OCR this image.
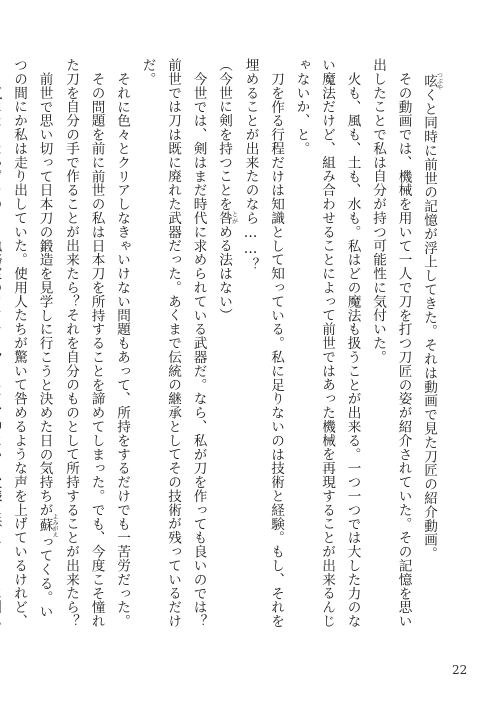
呟つぶやくと同時に前世の記憶が浮上してきた。それは動画で見た刀匠の紹介動画。

その動画では、機械を用いて一人で刀を打つ刀匠の姿が紹介されていた。その記憶を思い出したことで私は自分が持つ可能性に気付いた。

火も、風も、土も、水も。私はどの魔法も扱うことが出来る。一つ一つでは大した力のない魔法だけど、組み合わせることによって前世ではあった機械を再現することが出来るんじゃないか、と。

刀を作る行程だけは知識として知っている。私に足りないのは技術と経験。もし、それを埋めることが出来たのなら……？

（今世に剣を持つことを咎とがめる法はない）

今世では、剣はまだ時代に求められている武器だ。なら、私が刀を作っても良いのでは？前世では刀は既に廃れた武器だった。あくまで伝統の継承としてその技術が残っているだけだ。

それに色々とクリアしなきゃいけない問題もあって、所持をするだけでも一苦労だった。

その問題を前に前世の私は日本刀を所持することを諦めてしまった。でも、今度こそ憧れた刀を自分の手で作ることが出来たら？それを自分のものとして所持することが出来たら？

前世で思い切って日本刀の鍛造を見学しに行こうと決めた日の気持ちが蘇よみがえってくる。いつの間にか私は走り出していた。使用人たちが驚いて咎めるような声を上げているけれど、

22
